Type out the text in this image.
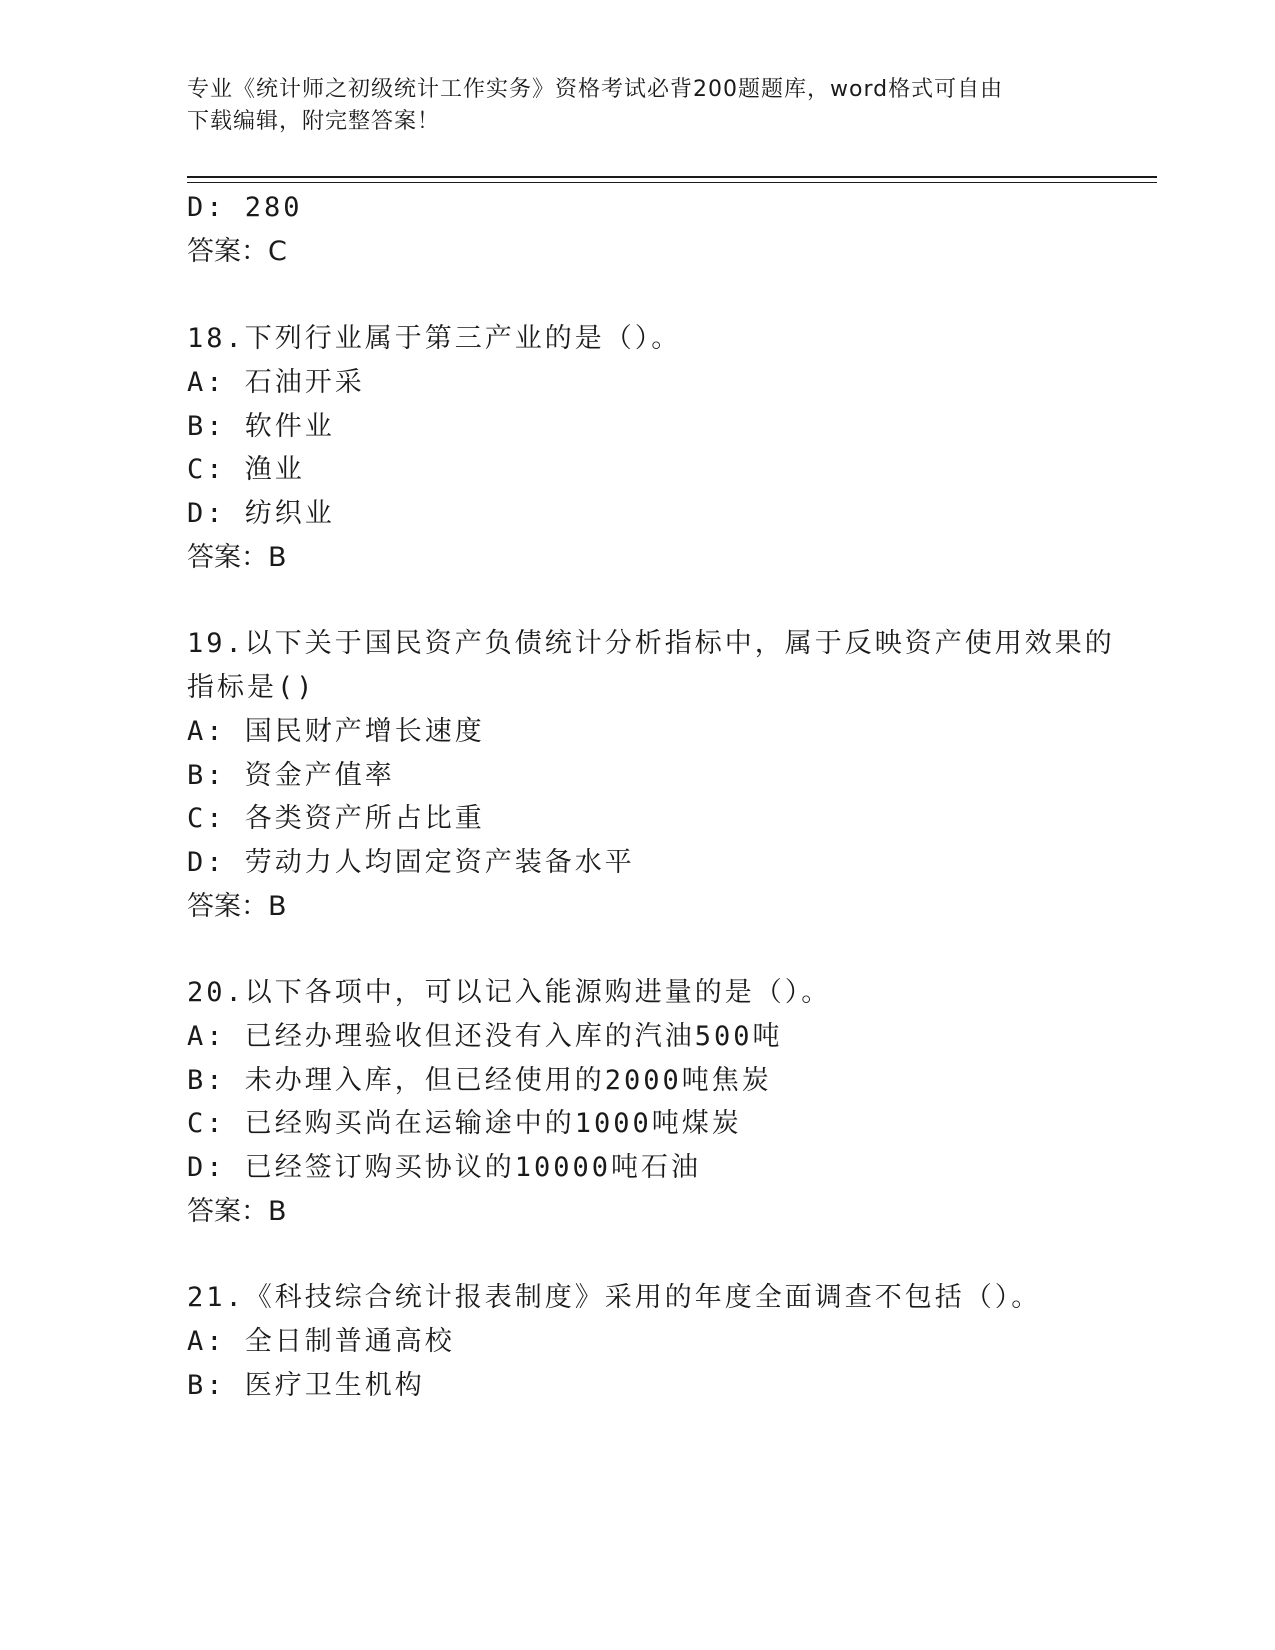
专业《统计师之初级统计工作实务》资格考试必背200题题库，word格式可自由
下载编辑，附完整答案！
D: 280
答案：C
18.下列行业属于第三产业的是（）。
A: 石油开采
B: 软件业
C: 渔业
D: 纺织业
答案：B
19.以下关于国民资产负债统计分析指标中，属于反映资产使用效果的
指标是()
A: 国民财产增长速度
B: 资金产值率
C: 各类资产所占比重
D: 劳动力人均固定资产装备水平
答案：B
20.以下各项中，可以记入能源购进量的是（）。
A: 已经办理验收但还没有入库的汽油500吨
B: 未办理入库，但已经使用的2000吨焦炭
C: 已经购买尚在运输途中的1000吨煤炭
D: 已经签订购买协议的10000吨石油
答案：B
21.《科技综合统计报表制度》采用的年度全面调查不包括（）。
A: 全日制普通高校
B: 医疗卫生机构
